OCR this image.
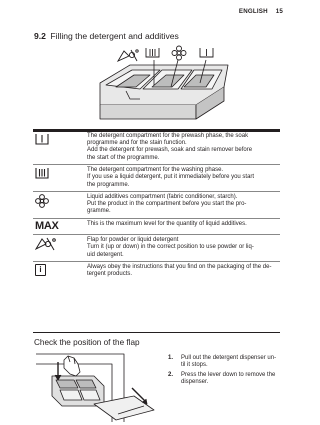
ENGLISH 15
9.2 Filling the detergent and additives
	The detergent compartment for the prewash phase, the soak
programme and for the stain function.
Add the detergent for prewash, soak and stain remover before
the start of the programme.
	The detergent compartment for the washing phase.
If you use a liquid detergent, put it immediately before you start
the programme.
	Liquid additives compartment (fabric conditioner, starch).
Put the product in the compartment before you start the pro-
gramme.
MAX	This is the maximum level for the quantity of liquid additives.
	Flap for powder or liquid detergent
Turn it (up or down) in the correct position to use powder or liq-
uid detergent.
i	Always obey the instructions that you find on the packaging of the de-
tergent products.
Check the position of the flap
1. Pull out the detergent dispenser un-
til it stops.
2. Press the lever down to remove the
dispenser.
